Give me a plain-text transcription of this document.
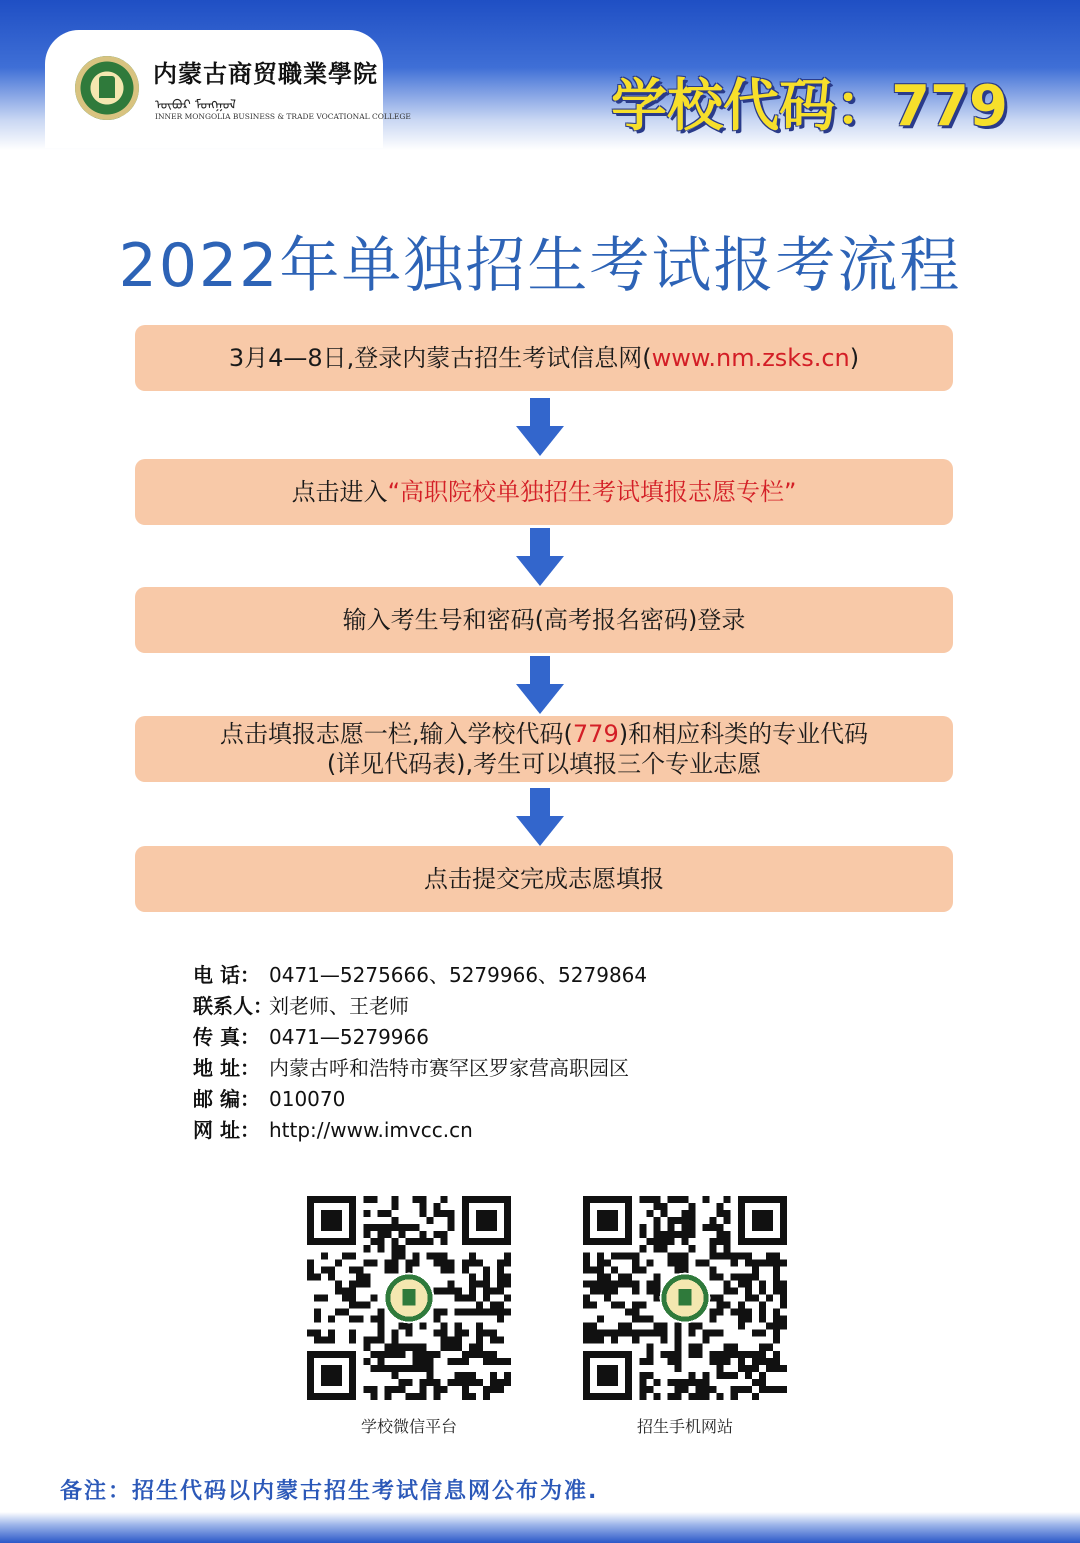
内蒙古商贸職業學院
ᠦᠪᠦᠷ ᠮᠣᠩᠭᠣᠯ
INNER MONGOLIA BUSINESS & TRADE VOCATIONAL COLLEGE	学校代码：779
2022年单独招生考试报考流程
3月4—8日,登录内蒙古招生考试信息网(www.nm.zsks.cn)
点击进入“高职院校单独招生考试填报志愿专栏”
输入考生号和密码(高考报名密码)登录
点击填报志愿一栏,输入学校代码(779)和相应科类的专业代码
(详见代码表),考生可以填报三个专业志愿
点击提交完成志愿填报
电 话： 0471—5275666、5279966、5279864
联系人：刘老师、王老师
传 真： 0471—5279966
地 址： 内蒙古呼和浩特市赛罕区罗家营高职园区
邮 编： 010070
网 址： http://www.imvcc.cn
学校微信平台	招生手机网站
备注：招生代码以内蒙古招生考试信息网公布为准.
